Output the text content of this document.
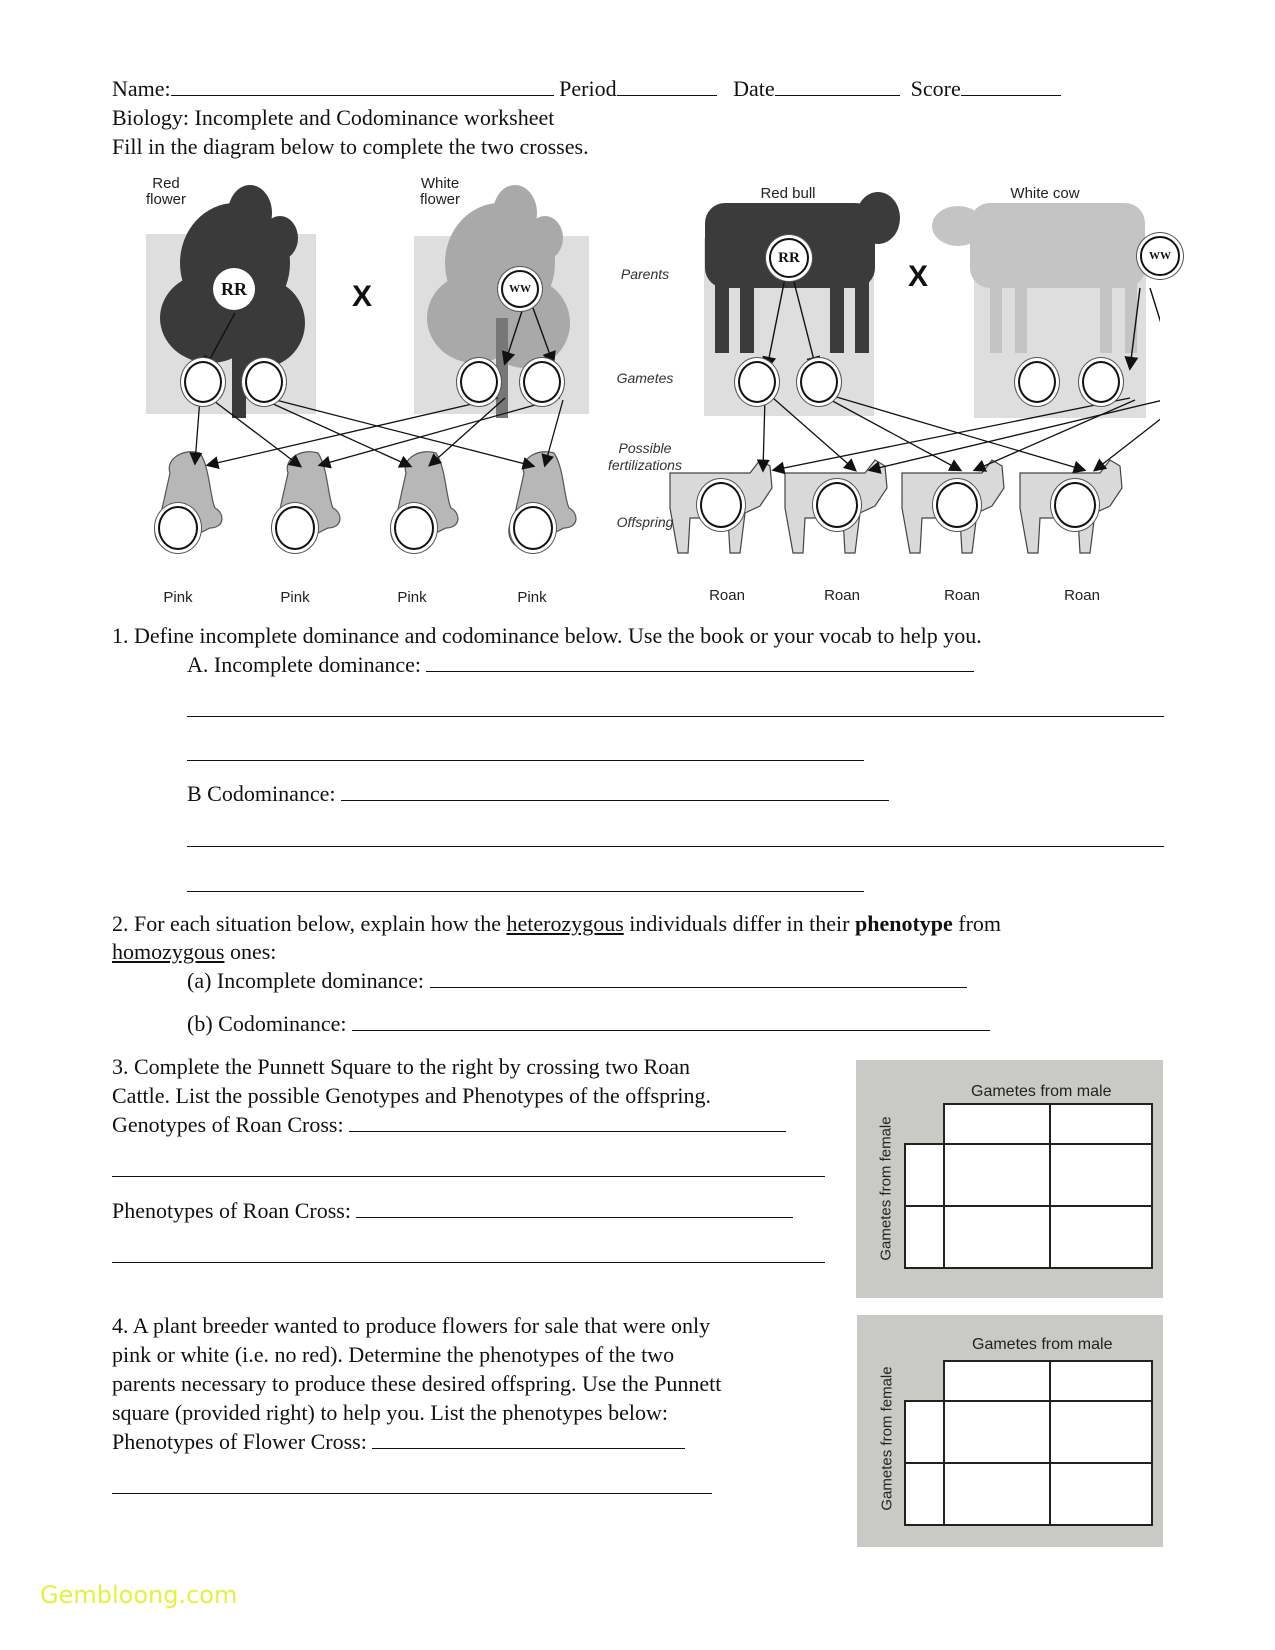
Name:	Period	Date	Score
Biology: Incomplete and Codominance worksheet
Fill in the diagram below to complete the two crosses.
Red
flower
White
flower	Red bull	White cow
X
X
Parents
Gametes
Possible
fertilizations
Offspring
RR	WW
RR	WW
Pink	Pink	Pink	Pink	Roan	Roan	Roan	Roan
1. Define incomplete dominance and codominance below. Use the book or your vocab to help you.
A. Incomplete dominance:
B Codominance:
2. For each situation below, explain how the heterozygous individuals differ in their phenotype from
homozygous ones:
(a) Incomplete dominance:
(b) Codominance:
3. Complete the Punnett Square to the right by crossing two Roan
Cattle. List the possible Genotypes and Phenotypes of the offspring.
Genotypes of Roan Cross:
Phenotypes of Roan Cross:
Gametes from male
Gametes from female
4. A plant breeder wanted to produce flowers for sale that were only
pink or white (i.e. no red). Determine the phenotypes of the two
parents necessary to produce these desired offspring. Use the Punnett
square (provided right) to help you. List the phenotypes below:
Phenotypes of Flower Cross:
Gametes from male
Gametes from female
Gembloong.com
